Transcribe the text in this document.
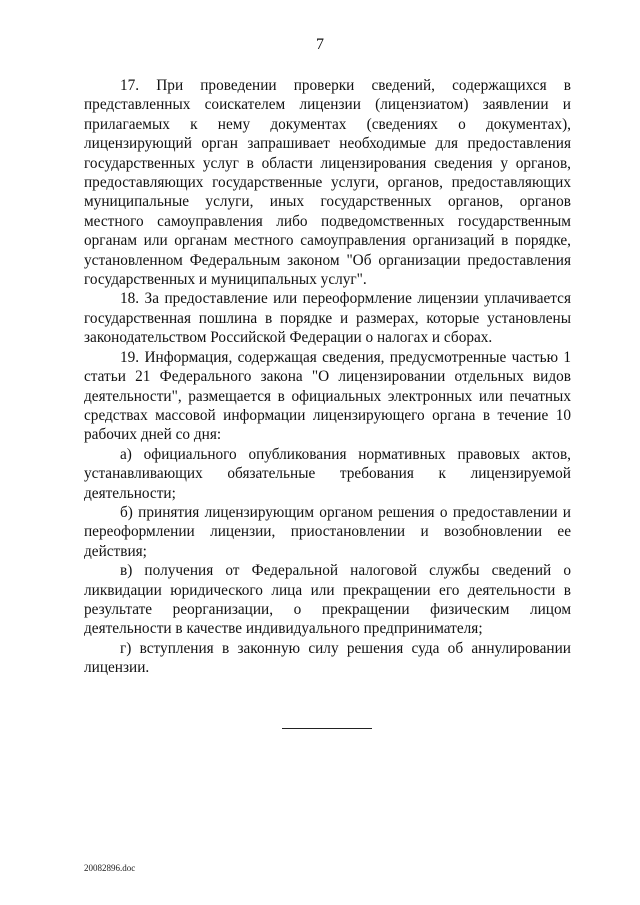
7

17. При проведении проверки сведений, содержащихся в представленных соискателем лицензии (лицензиатом) заявлении и прилагаемых к нему документах (сведениях о документах), лицензирующий орган запрашивает необходимые для предоставления государственных услуг в области лицензирования сведения у органов, предоставляющих государственные услуги, органов, предоставляющих муниципальные услуги, иных государственных органов, органов местного самоуправления либо подведомственных государственным органам или органам местного самоуправления организаций в порядке, установленном Федеральным законом "Об организации предоставления государственных и муниципальных услуг".

18. За предоставление или переоформление лицензии уплачивается государственная пошлина в порядке и размерах, которые установлены законодательством Российской Федерации о налогах и сборах.

19. Информация, содержащая сведения, предусмотренные частью 1 статьи 21 Федерального закона "О лицензировании отдельных видов деятельности", размещается в официальных электронных или печатных средствах массовой информации лицензирующего органа в течение 10 рабочих дней со дня:

а) официального опубликования нормативных правовых актов, устанавливающих обязательные требования к лицензируемой деятельности;

б) принятия лицензирующим органом решения о предоставлении и переоформлении лицензии, приостановлении и возобновлении ее действия;

в) получения от Федеральной налоговой службы сведений о ликвидации юридического лица или прекращении его деятельности в результате реорганизации, о прекращении физическим лицом деятельности в качестве индивидуального предпринимателя;

г) вступления в законную силу решения суда об аннулировании лицензии.

20082896.doc
